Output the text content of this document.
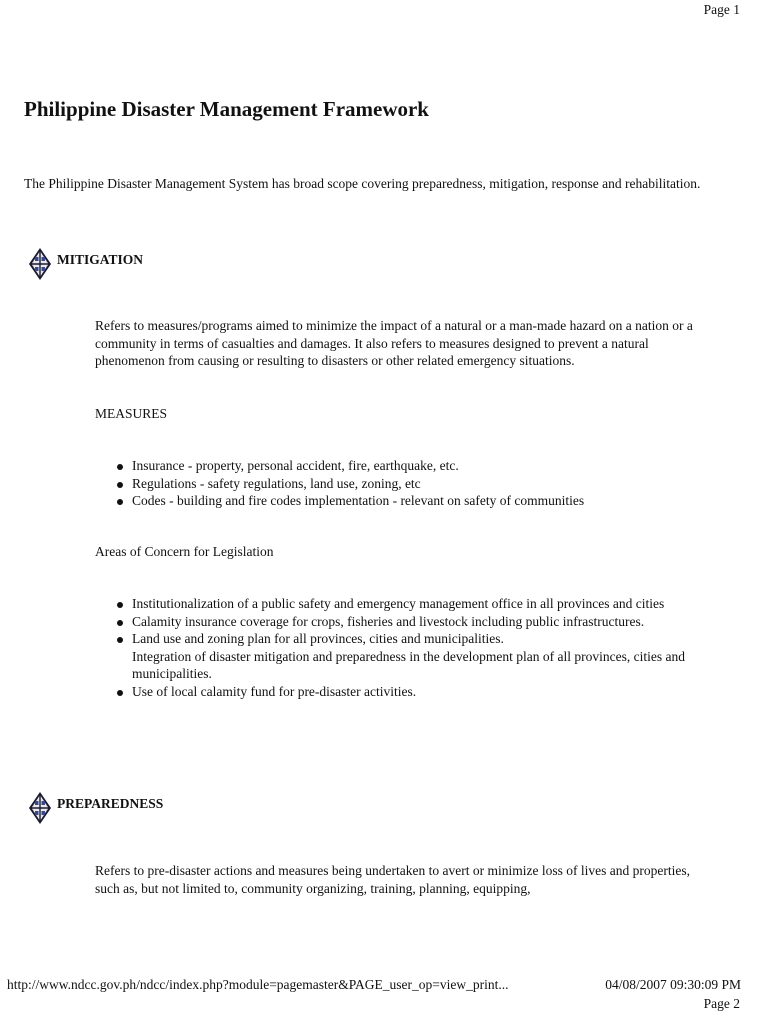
Page 1
Philippine Disaster Management Framework

The Philippine Disaster Management System has broad scope covering preparedness, mitigation, response and rehabilitation.

MITIGATION

Refers to measures/programs aimed to minimize the impact of a natural or a man-made hazard on a nation or a community in terms of casualties and damages. It also refers to measures designed to prevent a natural phenomenon from causing or resulting to disasters or other related emergency situations.

MEASURES

Insurance - property, personal accident, fire, earthquake, etc.
Regulations - safety regulations, land use, zoning, etc
Codes - building and fire codes implementation - relevant on safety of communities

Areas of Concern for Legislation

Institutionalization of a public safety and emergency management office in all provinces and cities
Calamity insurance coverage for crops, fisheries and livestock including public infrastructures.
Land use and zoning plan for all provinces, cities and municipalities.
Integration of disaster mitigation and preparedness in the development plan of all provinces, cities and municipalities.
Use of local calamity fund for pre-disaster activities.
PREPAREDNESS

Refers to pre-disaster actions and measures being undertaken to avert or minimize loss of lives and properties, such as, but not limited to, community organizing, training, planning, equipping,

http://www.ndcc.gov.ph/ndcc/index.php?module=pagemaster&PAGE_user_op=view_print...	04/08/2007 09:30:09 PM
Page 2
